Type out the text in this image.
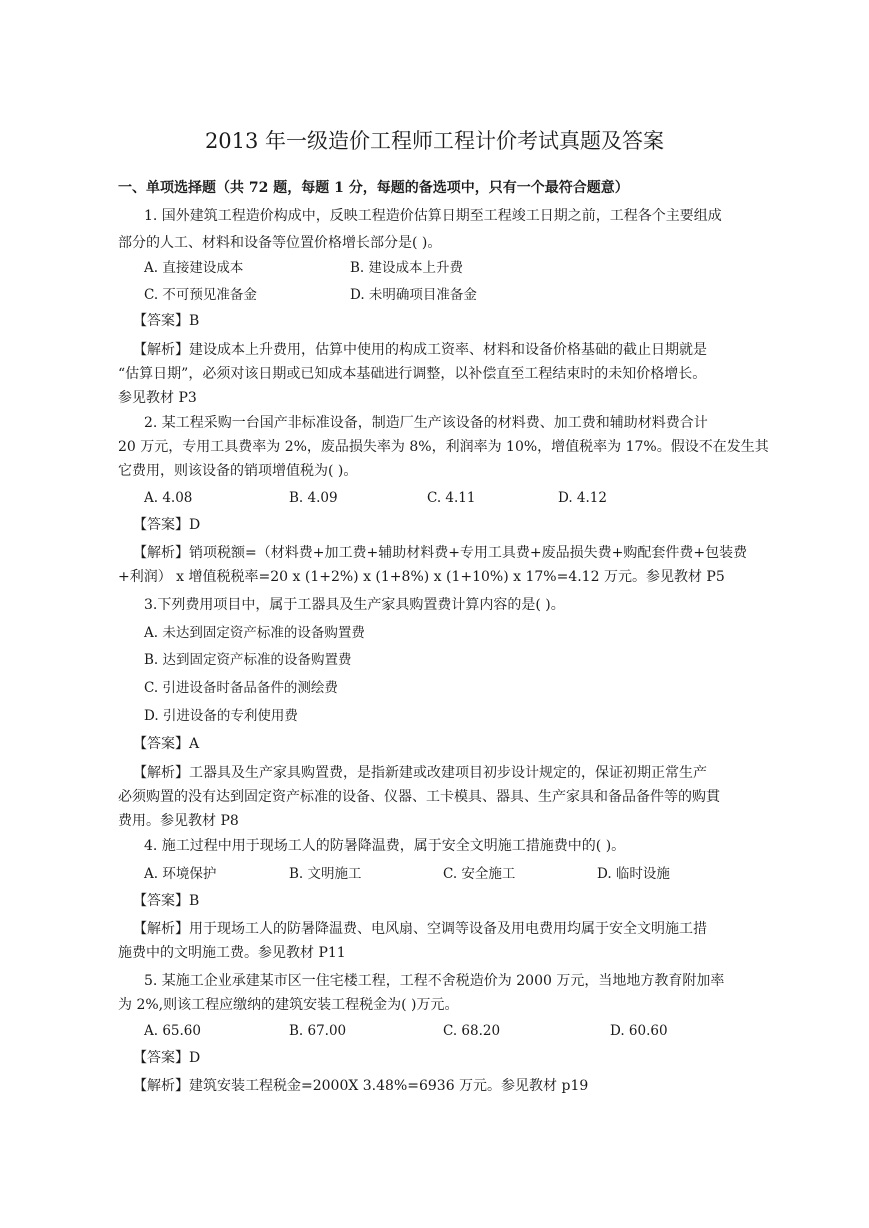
2013 年一级造价工程师工程计价考试真题及答案
一、单项选择题（共 72 题，每题 1 分，每题的备选项中，只有一个最符合题意）
1. 国外建筑工程造价构成中，反映工程造价估算日期至工程竣工日期之前，工程各个主要组成
部分的人工、材料和设备等位置价格增长部分是( )。
A. 直接建设成本	B. 建设成本上升费
C. 不可预见准备金	D. 未明确项目准备金
【答案】B
【解析】建设成本上升费用，估算中使用的构成工资率、材料和设备价格基础的截止日期就是
“估算日期”，必须对该日期或已知成本基础进行调整，以补偿直至工程结束时的未知价格增长。
参见教材 P3
2. 某工程采购一台国产非标准设备，制造厂生产该设备的材料费、加工费和辅助材料费合计
20 万元，专用工具费率为 2%，废品损失率为 8%，利润率为 10%，增值税率为 17%。假设不在发生其
它费用，则该设备的销项增值税为( )。
A. 4.08	B. 4.09	C. 4.11	D. 4.12
【答案】D
【解析】销项税额=（材料费+加工费+辅助材料费+专用工具费+废品损失费+购配套件费+包装费
+利润） x 增值税税率=20 x (1+2%) x (1+8%) x (1+10%) x 17%=4.12 万元。参见教材 P5
3.下列费用项目中，属于工器具及生产家具购置费计算内容的是( )。
A. 未达到固定资产标准的设备购置费
B. 达到固定资产标准的设备购置费
C. 引进设备时备品备件的测绘费
D. 引进设备的专利使用费
【答案】A
【解析】工器具及生产家具购置费，是指新建或改建项目初步设计规定的，保证初期正常生产
必须购置的没有达到固定资产标准的设备、仪器、工卡模具、器具、生产家具和备品备件等的购貫
费用。参见教材 P8
4. 施工过程中用于现场工人的防暑降温费，属于安全文明施工措施费中的( )。
A. 环境保护	B. 文明施工	C. 安全施工	D. 临时设施
【答案】B
【解析】用于现场工人的防暑降温费、电风扇、空调等设备及用电费用均属于安全文明施工措
施费中的文明施工费。参见教材 P11
5. 某施工企业承建某市区一住宅楼工程，工程不舍税造价为 2000 万元，当地地方教育附加率
为 2%,则该工程应缴纳的建筑安装工程税金为( )万元。
A. 65.60	B. 67.00	C. 68.20	D. 60.60
【答案】D
【解析】建筑安装工程税金=2000X 3.48%=6936 万元。参见教材 p19
